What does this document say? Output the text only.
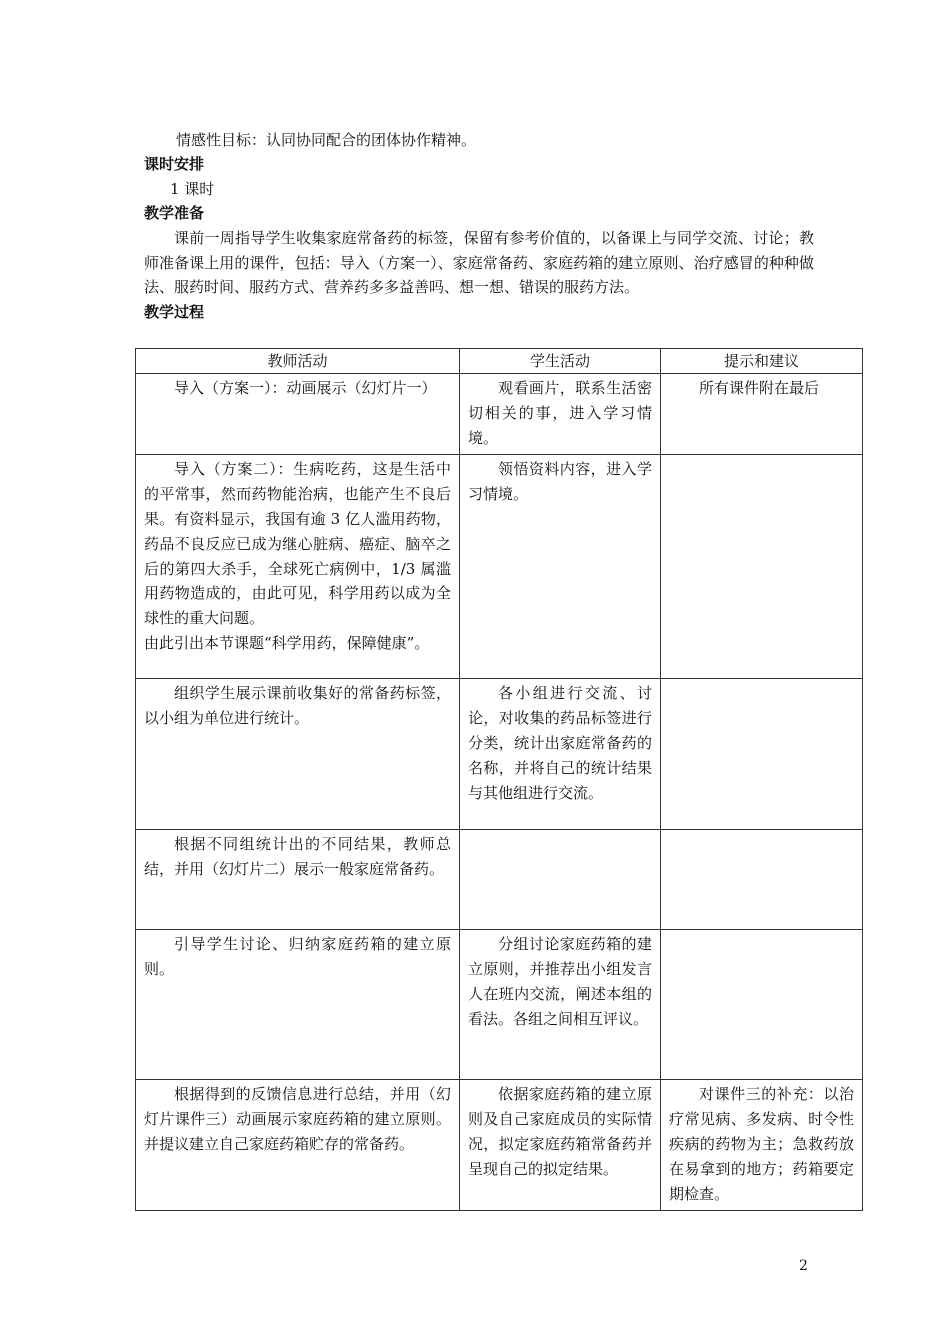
情感性目标：认同协同配合的团体协作精神。
课时安排
1 课时
教学准备
课前一周指导学生收集家庭常备药的标签，保留有参考价值的，以备课上与同学交流、讨论；教师准备课上用的课件，包括：导入（方案一）、家庭常备药、家庭药箱的建立原则、治疗感冒的种种做法、服药时间、服药方式、营养药多多益善吗、想一想、错误的服药方法。
教学过程
教师活动	学生活动	提示和建议

导入（方案一）：动画展示（幻灯片一）	观看画片，联系生活密切相关的事，进入学习情境。	所有课件附在最后

导入（方案二）：生病吃药，这是生活中的平常事，然而药物能治病，也能产生不良后果。有资料显示，我国有逾 3 亿人滥用药物，药品不良反应已成为继心脏病、癌症、脑卒之后的第四大杀手，全球死亡病例中，1/3 属滥用药物造成的，由此可见，科学用药以成为全球性的重大问题。
由此引出本节课题“科学用药，保障健康”。	领悟资料内容，进入学习情境。	

组织学生展示课前收集好的常备药标签，以小组为单位进行统计。	各小组进行交流、讨论，对收集的药品标签进行分类，统计出家庭常备药的名称，并将自己的统计结果与其他组进行交流。	

根据不同组统计出的不同结果，教师总结，并用（幻灯片二）展示一般家庭常备药。		

引导学生讨论、归纳家庭药箱的建立原则。	分组讨论家庭药箱的建立原则，并推荐出小组发言人在班内交流，阐述本组的看法。各组之间相互评议。	

根据得到的反馈信息进行总结，并用（幻灯片课件三）动画展示家庭药箱的建立原则。并提议建立自己家庭药箱贮存的常备药。	依据家庭药箱的建立原则及自己家庭成员的实际情况，拟定家庭药箱常备药并呈现自己的拟定结果。	对课件三的补充：以治疗常见病、多发病、时令性疾病的药物为主；急救药放在易拿到的地方；药箱要定期检查。
2
